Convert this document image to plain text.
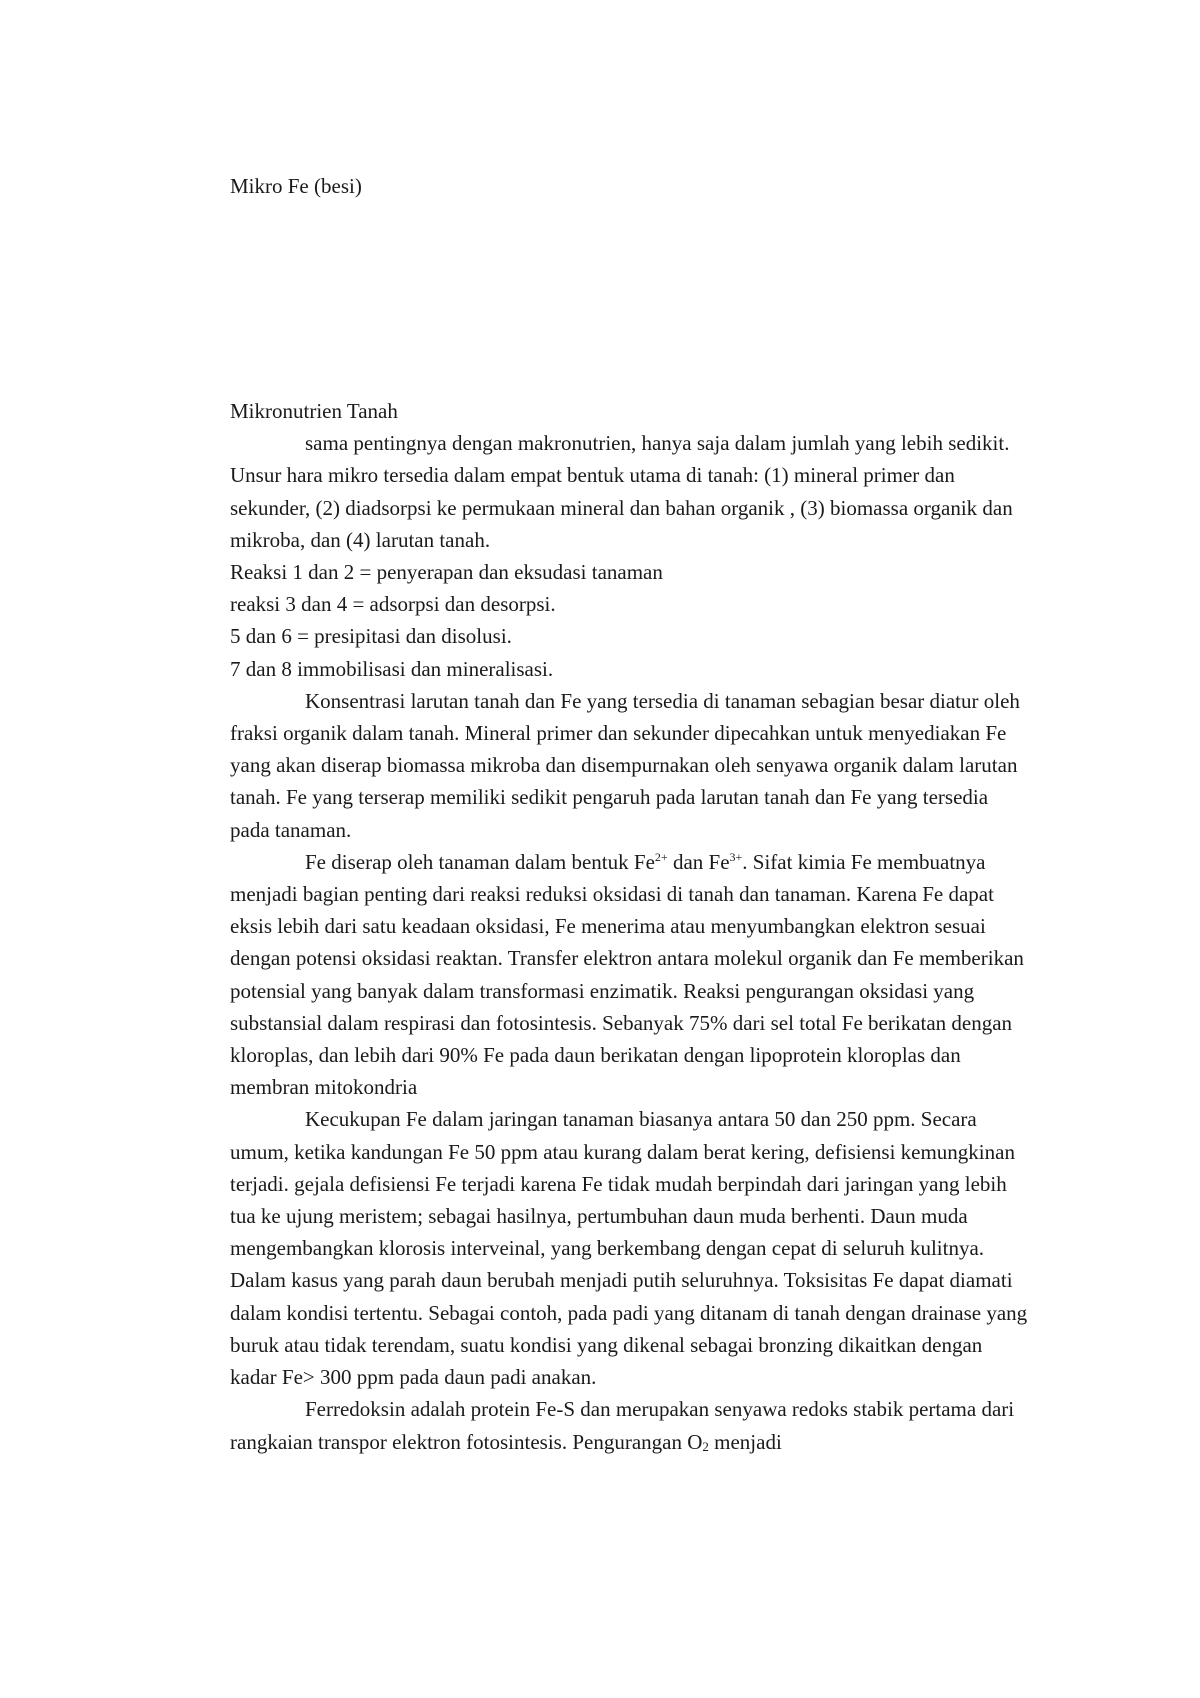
Mikro Fe (besi)
Mikronutrien Tanah

sama pentingnya dengan makronutrien, hanya saja dalam jumlah yang lebih sedikit. Unsur hara mikro tersedia dalam empat bentuk utama di tanah: (1) mineral primer dan sekunder, (2) diadsorpsi ke permukaan mineral dan bahan organik , (3) biomassa organik dan mikroba, dan (4) larutan tanah.

Reaksi 1 dan 2 = penyerapan dan eksudasi tanaman

reaksi 3 dan 4 = adsorpsi dan desorpsi.

5 dan 6 = presipitasi dan disolusi.

7 dan 8 immobilisasi dan mineralisasi.

Konsentrasi larutan tanah dan Fe yang tersedia di tanaman sebagian besar diatur oleh fraksi organik dalam tanah. Mineral primer dan sekunder dipecahkan untuk menyediakan Fe yang akan diserap biomassa mikroba dan disempurnakan oleh senyawa organik dalam larutan tanah. Fe yang terserap memiliki sedikit pengaruh pada larutan tanah dan Fe yang tersedia pada tanaman.

Fe diserap oleh tanaman dalam bentuk $Fe^{2+}$ dan $Fe^{3+}$. Sifat kimia Fe membuatnya menjadi bagian penting dari reaksi reduksi oksidasi di tanah dan tanaman. Karena Fe dapat eksis lebih dari satu keadaan oksidasi, Fe menerima atau menyumbangkan elektron sesuai dengan potensi oksidasi reaktan. Transfer elektron antara molekul organik dan Fe memberikan potensial yang banyak dalam transformasi enzimatik. Reaksi pengurangan oksidasi yang substansial dalam respirasi dan fotosintesis. Sebanyak 75% dari sel total Fe berikatan dengan kloroplas, dan lebih dari 90% Fe pada daun berikatan dengan lipoprotein kloroplas dan membran mitokondria

Kecukupan Fe dalam jaringan tanaman biasanya antara 50 dan 250 ppm. Secara umum, ketika kandungan Fe 50 ppm atau kurang dalam berat kering, defisiensi kemungkinan terjadi. gejala defisiensi Fe terjadi karena Fe tidak mudah berpindah dari jaringan yang lebih tua ke ujung meristem; sebagai hasilnya, pertumbuhan daun muda berhenti. Daun muda mengembangkan klorosis interveinal, yang berkembang dengan cepat di seluruh kulitnya. Dalam kasus yang parah daun berubah menjadi putih seluruhnya. Toksisitas Fe dapat diamati dalam kondisi tertentu. Sebagai contoh, pada padi yang ditanam di tanah dengan drainase yang buruk atau tidak terendam, suatu kondisi yang dikenal sebagai bronzing dikaitkan dengan kadar Fe> 300 ppm pada daun padi anakan.

Ferredoksin adalah protein Fe-S dan merupakan senyawa redoks stabik pertama dari rangkaian transpor elektron fotosintesis. Pengurangan $O_2$ menjadi
